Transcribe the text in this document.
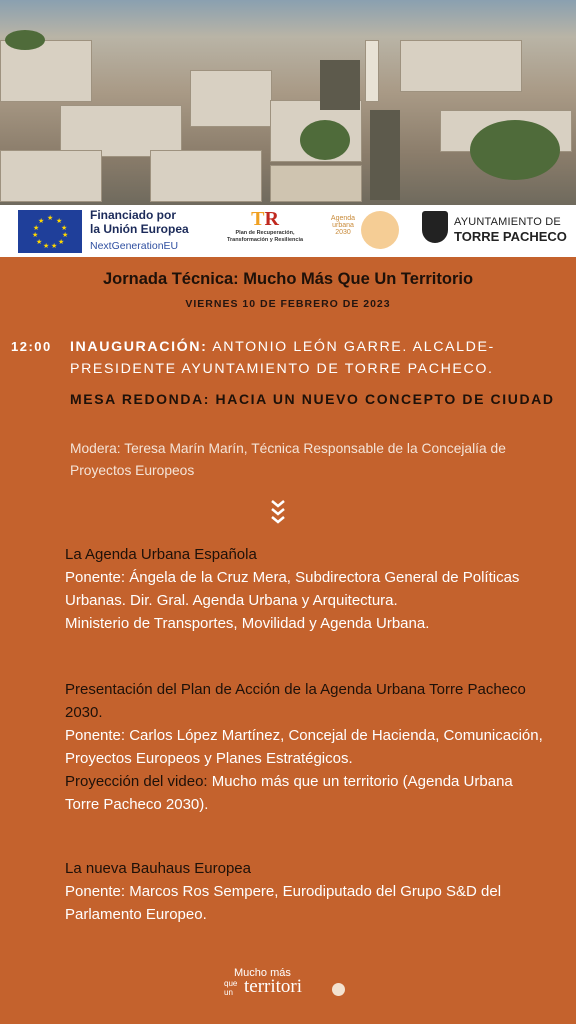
★ ★
★
★
★
★
★
★
★
★
★	Financiado por
la Unión Europea
NextGenerationEU
TR
Plan de Recuperación,
Transformación y Resiliencia
Agenda
urbana
2030
AYUNTAMIENTO DE
TORRE PACHECO
Jornada Técnica: Mucho Más Que Un Territorio
VIERNES 10 DE FEBRERO DE 2023
12:00 INAUGURACIÓN: ANTONIO LEÓN GARRE. ALCALDE-PRESIDENTE AYUNTAMIENTO DE TORRE PACHECO.
MESA REDONDA: HACIA UN NUEVO CONCEPTO DE CIUDAD
Modera: Teresa Marín Marín, Técnica Responsable de la Concejalía de Proyectos Europeos
La Agenda Urbana Española
Ponente: Ángela de la Cruz Mera, Subdirectora General de Políticas Urbanas. Dir. Gral. Agenda Urbana y Arquitectura.
Ministerio de Transportes, Movilidad y Agenda Urbana.
Presentación del Plan de Acción de la Agenda Urbana Torre Pacheco 2030.
Ponente: Carlos López Martínez, Concejal de Hacienda, Comunicación, Proyectos Europeos y Planes Estratégicos.
Proyección del video: Mucho más que un territorio (Agenda Urbana Torre Pacheco 2030).
La nueva Bauhaus Europea
Ponente: Marcos Ros Sempere, Eurodiputado del Grupo S&D del Parlamento Europeo.
Mucho más
que
un territori
